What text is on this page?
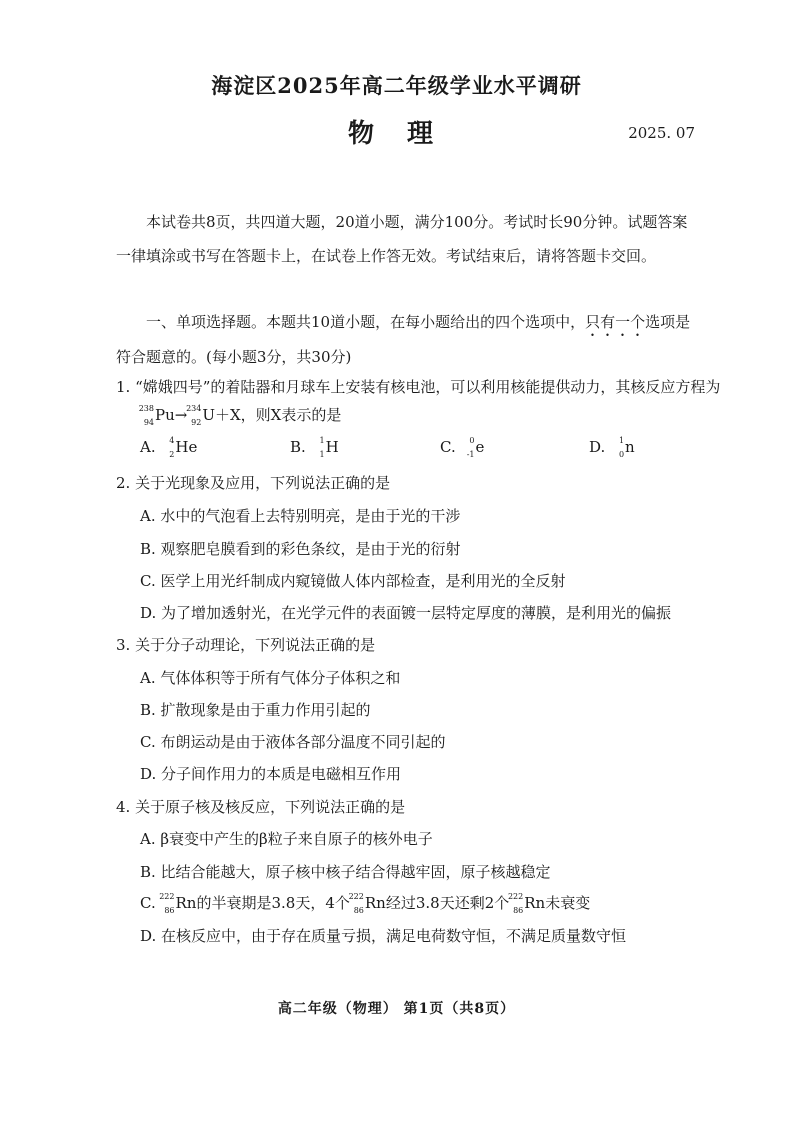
海淀区2025年高二年级学业水平调研
物 理	2025. 07
本试卷共8页，共四道大题，20道小题，满分100分。考试时长90分钟。试题答案一律填涂或书写在答题卡上，在试卷上作答无效。考试结束后，请将答题卡交回。
一、单项选择题。本题共10道小题，在每小题给出的四个选项中，只有一个选项是符合题意的。(每小题3分，共30分)
1. “嫦娥四号”的着陆器和月球车上安装有核电池，可以利用核能提供动力，其核反应方程为
238
94 Pu→
234
92 U＋X，则X表示的是
A. 4
2 He	B. 1
1 H	C. 0
-1 e	D. 1
0 n
2. 关于光现象及应用，下列说法正确的是
A. 水中的气泡看上去特别明亮，是由于光的干涉
B. 观察肥皂膜看到的彩色条纹，是由于光的衍射
C. 医学上用光纤制成内窥镜做人体内部检查，是利用光的全反射
D. 为了增加透射光，在光学元件的表面镀一层特定厚度的薄膜，是利用光的偏振
3. 关于分子动理论，下列说法正确的是
A. 气体体积等于所有气体分子体积之和
B. 扩散现象是由于重力作用引起的
C. 布朗运动是由于液体各部分温度不同引起的
D. 分子间作用力的本质是电磁相互作用
4. 关于原子核及核反应，下列说法正确的是
A. β衰变中产生的β粒子来自原子的核外电子
B. 比结合能越大，原子核中核子结合得越牢固，原子核越稳定
C. 222
86 Rn的半衰期是3.8天，4个
222
86 Rn经过3.8天还剩2个
222
86 Rn未衰变
D. 在核反应中，由于存在质量亏损，满足电荷数守恒，不满足质量数守恒
高二年级（物理） 第1页（共8页）
